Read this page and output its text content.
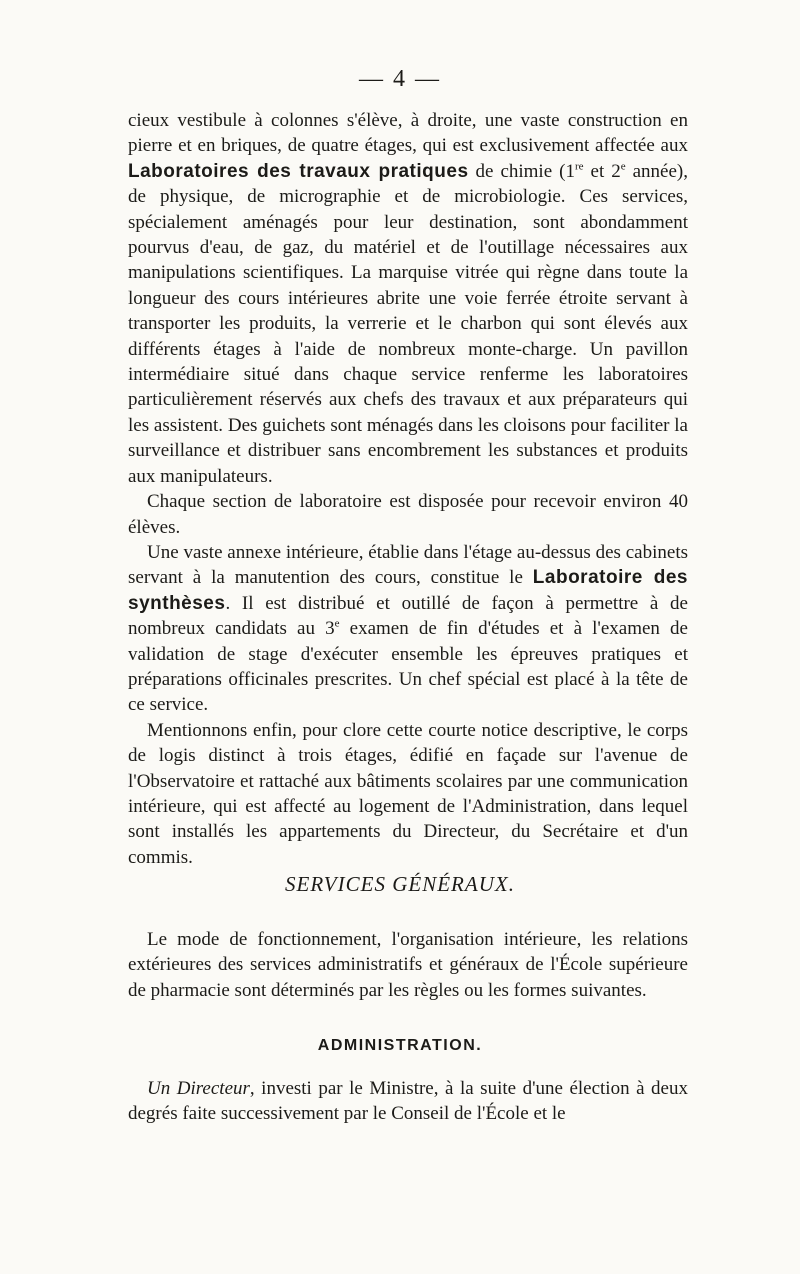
— 4 —

cieux vestibule à colonnes s'élève, à droite, une vaste construction en pierre et en briques, de quatre étages, qui est exclusivement affectée aux Laboratoires des travaux pratiques de chimie (1re et 2e année), de physique, de micrographie et de microbiologie. Ces services, spécialement aménagés pour leur destination, sont abondamment pourvus d'eau, de gaz, du matériel et de l'outillage nécessaires aux manipulations scientifiques. La marquise vitrée qui règne dans toute la longueur des cours intérieures abrite une voie ferrée étroite servant à transporter les produits, la verrerie et le charbon qui sont élevés aux différents étages à l'aide de nombreux monte-charge. Un pavillon intermédiaire situé dans chaque service renferme les laboratoires particulièrement réservés aux chefs des travaux et aux préparateurs qui les assistent. Des guichets sont ménagés dans les cloisons pour faciliter la surveillance et distribuer sans encombrement les substances et produits aux manipulateurs.

Chaque section de laboratoire est disposée pour recevoir environ 40 élèves.

Une vaste annexe intérieure, établie dans l'étage au-dessus des cabinets servant à la manutention des cours, constitue le Laboratoire des synthèses. Il est distribué et outillé de façon à permettre à de nombreux candidats au 3e examen de fin d'études et à l'examen de validation de stage d'exécuter ensemble les épreuves pratiques et préparations officinales prescrites. Un chef spécial est placé à la tête de ce service.

Mentionnons enfin, pour clore cette courte notice descriptive, le corps de logis distinct à trois étages, édifié en façade sur l'avenue de l'Observatoire et rattaché aux bâtiments scolaires par une communication intérieure, qui est affecté au logement de l'Administration, dans lequel sont installés les appartements du Directeur, du Secrétaire et d'un commis.

SERVICES GÉNÉRAUX.

Le mode de fonctionnement, l'organisation intérieure, les relations extérieures des services administratifs et généraux de l'École supérieure de pharmacie sont déterminés par les règles ou les formes suivantes.

ADMINISTRATION.

Un Directeur, investi par le Ministre, à la suite d'une élection à deux degrés faite successivement par le Conseil de l'École et le
